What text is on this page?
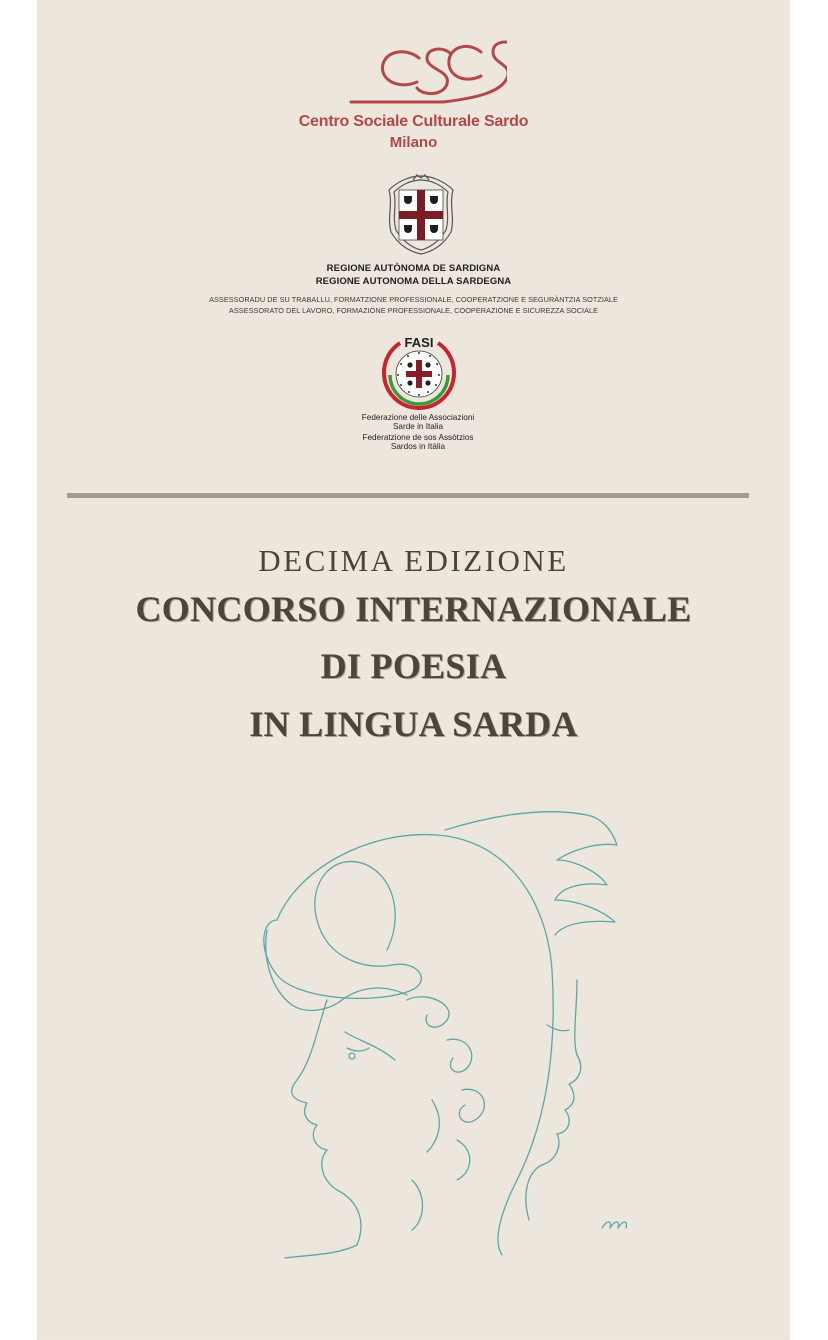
Centro Sociale Culturale Sardo
Milano
REGIONE AUTÒNOMA DE SARDIGNA
REGIONE AUTONOMA DELLA SARDEGNA
ASSESSORADU DE SU TRABALLU, FORMATZIONE PROFESSIONALE, COOPERATZIONE E SEGURÀNTZIA SOTZIALE
ASSESSORATO DEL LAVORO, FORMAZIONE PROFESSIONALE, COOPERAZIONE E SICUREZZA SOCIALE
FASI
Federazione delle Associazioni
Sarde in Italia
Federatzione de sos Assòtzios
Sardos in Itàlia
DECIMA EDIZIONE
CONCORSO INTERNAZIONALE
DI POESIA
IN LINGUA SARDA
